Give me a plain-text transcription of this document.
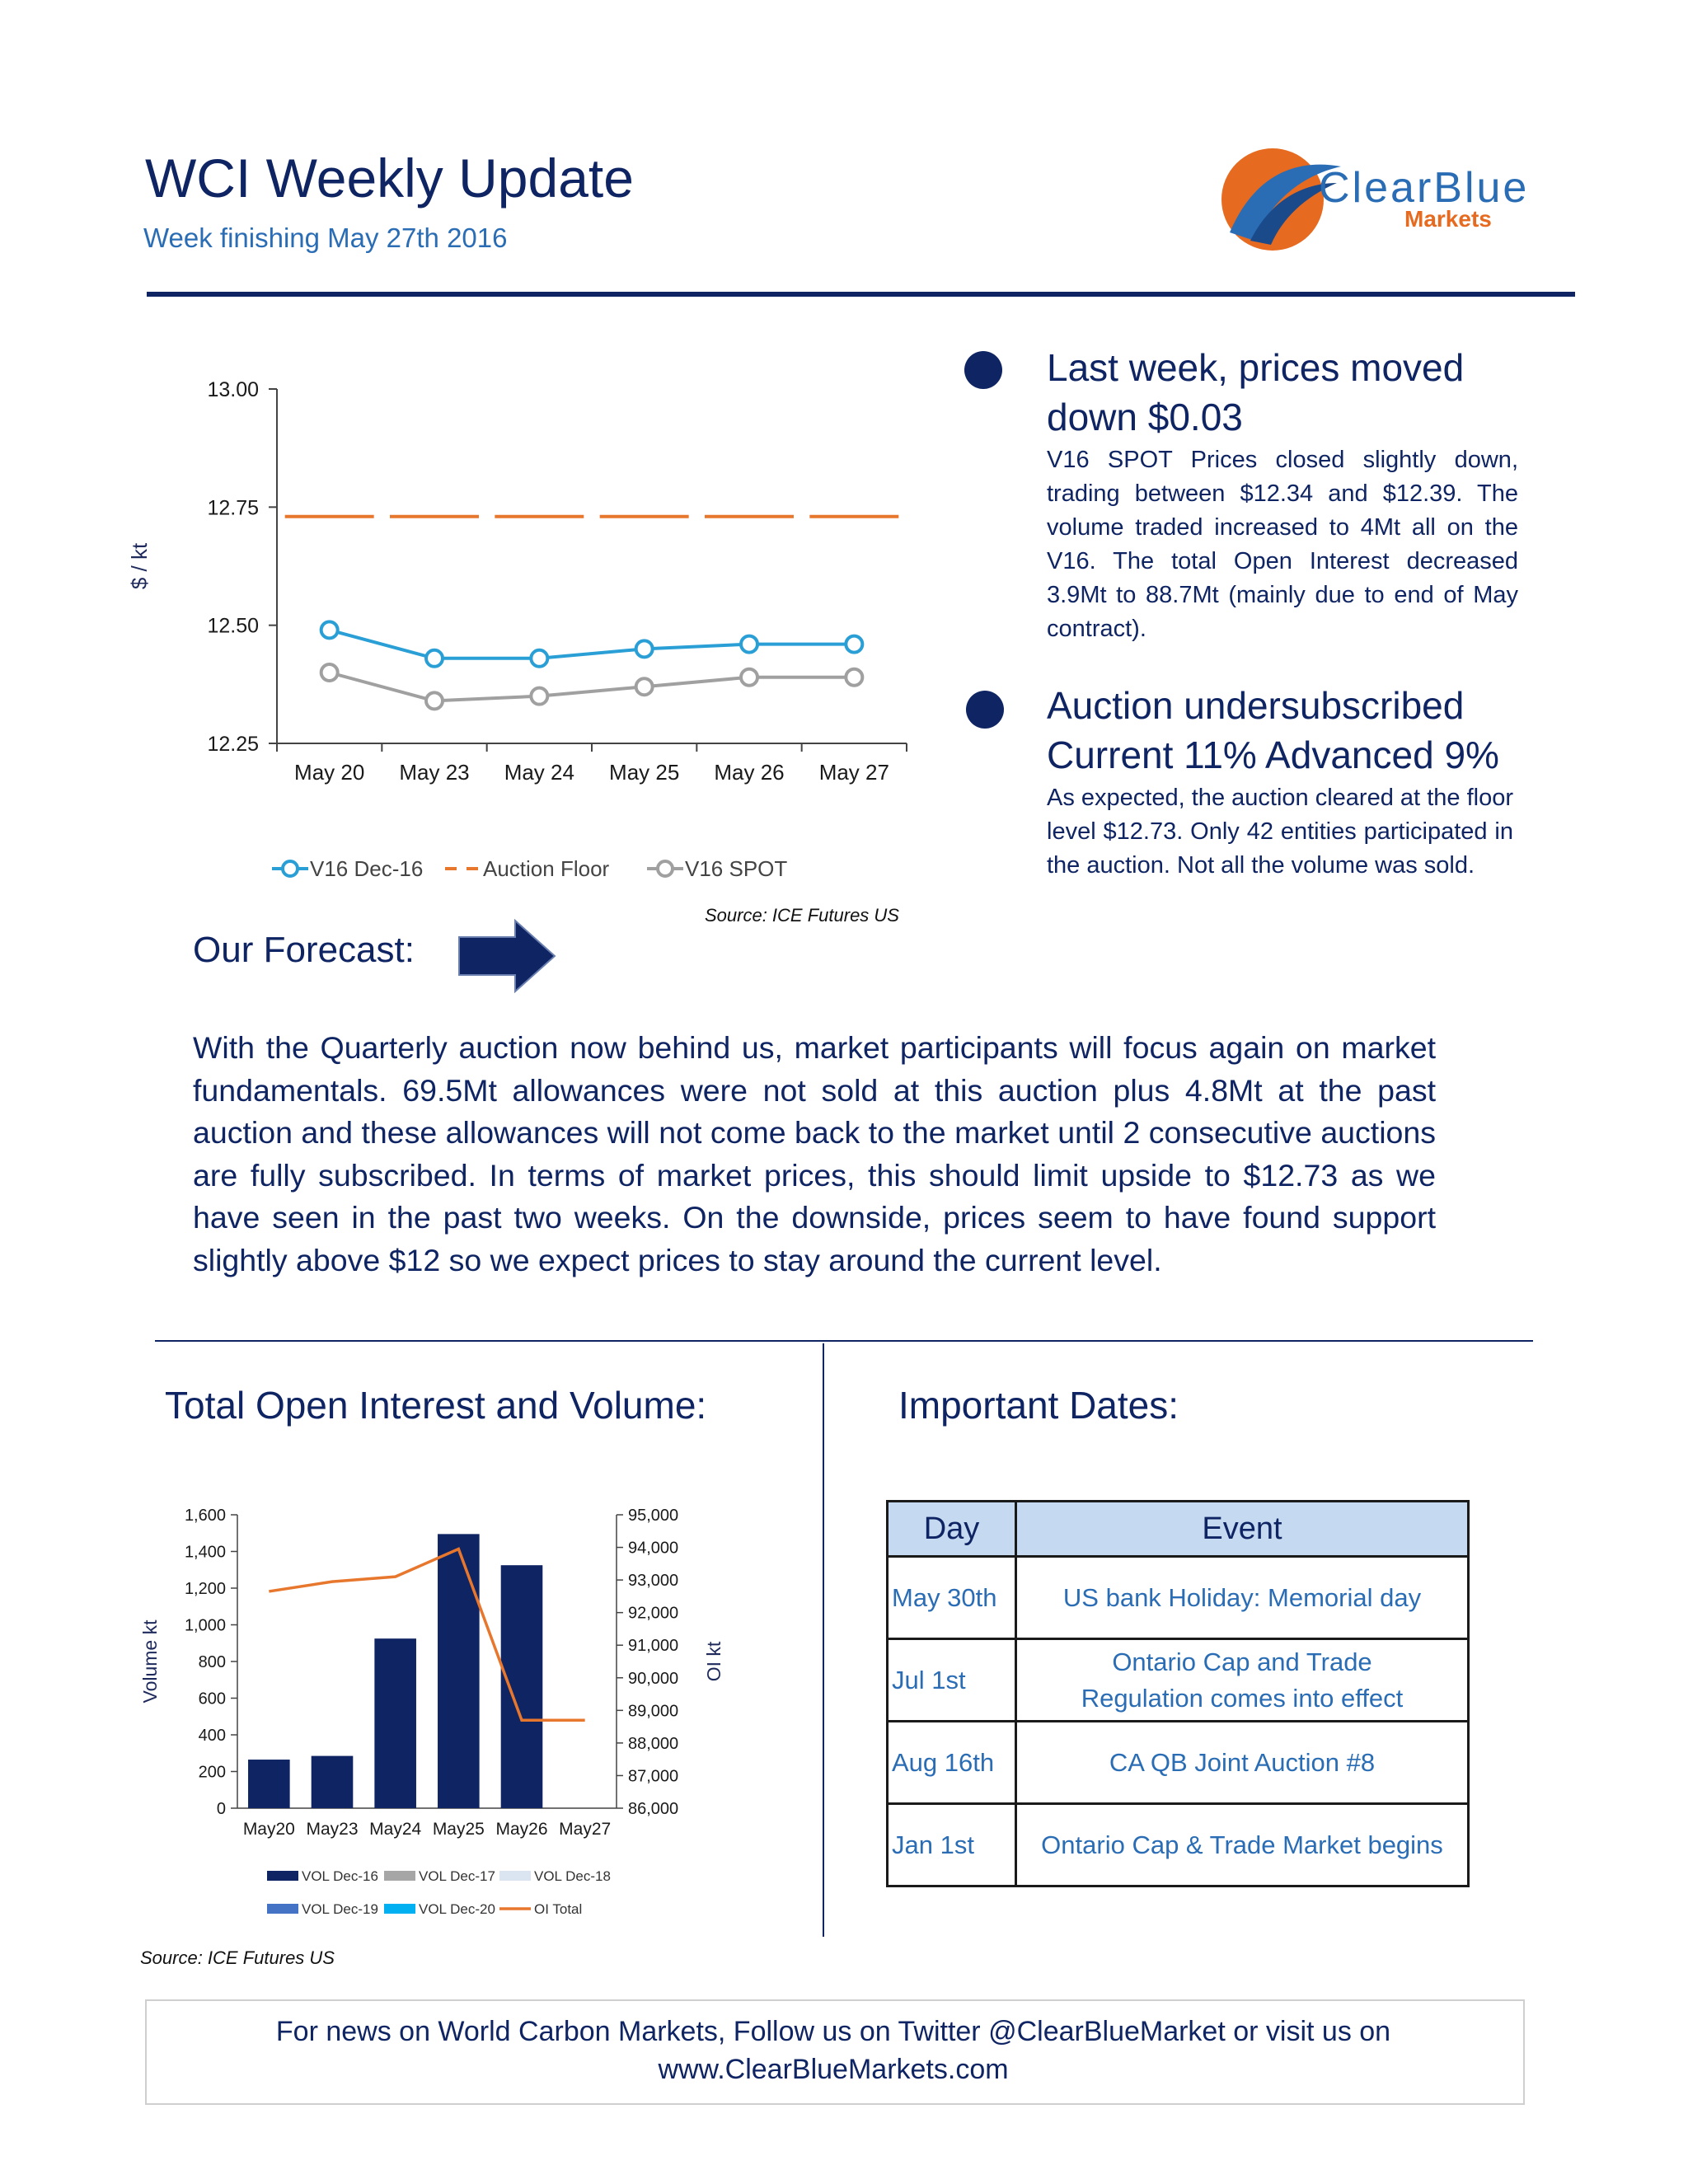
WCI Weekly Update
Week finishing May 27th 2016
ClearBlue
Markets
12.25
12.50
12.75
13.00
May 20 May 23 May 24 May 25 May 26 May 27
$ / kt
V16 Dec-16	Auction Floor	V16 SPOT
Source: ICE Futures US
Last week, prices moved
down $0.03
V16 SPOT Prices closed slightly down, trading between $12.34 and $12.39. The volume traded increased to 4Mt all on the V16. The total Open Interest decreased 3.9Mt to 88.7Mt (mainly due to end of May contract).
Auction undersubscribed
Current 11% Advanced 9%
As expected, the auction cleared at the floor level $12.73. Only 42 entities participated in the auction. Not all the volume was sold.
Our Forecast:
With the Quarterly auction now behind us, market participants will focus again on market fundamentals. 69.5Mt allowances were not sold at this auction plus 4.8Mt at the past auction and these allowances will not come back to the market until 2 consecutive auctions are fully subscribed. In terms of market prices, this should limit upside to $12.73 as we have seen in the past two weeks. On the downside, prices seem to have found support slightly above $12 so we expect prices to stay around the current level.
Total Open Interest and Volume:
0
200
400
600
800
1,000
1,200
1,400
1,600
86,000
87,000
88,000
89,000
90,000
91,000
92,000
93,000
94,000
95,000
May20 May23 May24 May25 May26 May27
Volume kt	OI kt
VOL Dec-16	VOL Dec-17	VOL Dec-18
VOL Dec-19	VOL Dec-20	OI Total
Source: ICE Futures US
Important Dates:
Day	Event
May 30th	US bank Holiday: Memorial day
Jul 1st	Ontario Cap and Trade Regulation comes into effect
Aug 16th	CA QB Joint Auction #8
Jan 1st	Ontario Cap & Trade Market begins
For news on World Carbon Markets, Follow us on Twitter @ClearBlueMarket or visit us on
www.ClearBlueMarkets.com
